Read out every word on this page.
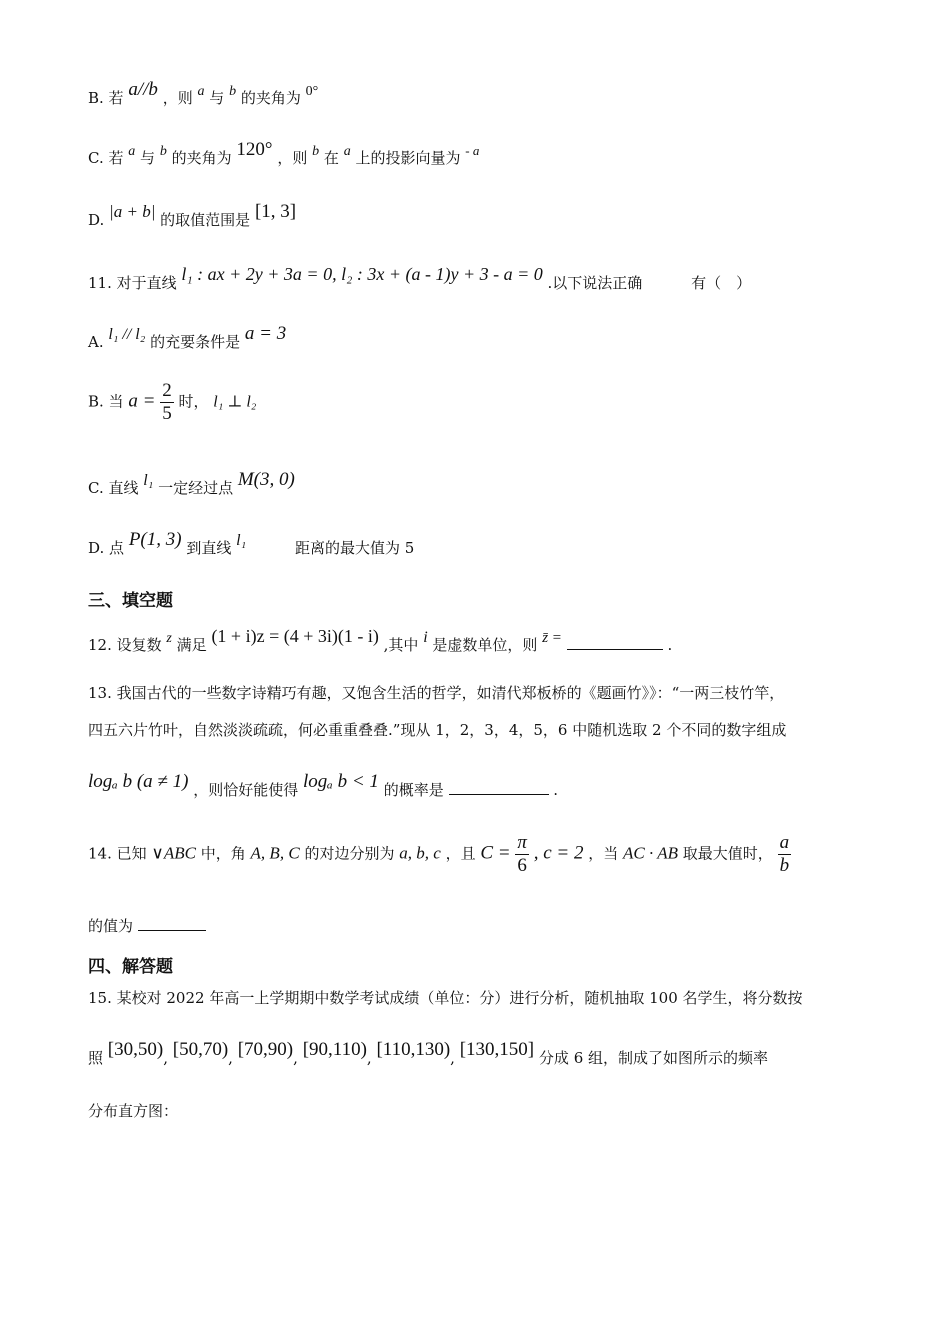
B. 若 a//b ，则 a 与 b 的夹角为 0°
C. 若 a 与 b 的夹角为 120° ，则 b 在 a 上的投影向量为 - a
D. |a + b| 的取值范围是 [1, 3]
11. 对于直线 l₁ : ax + 2y + 3a = 0, l₂ : 3x + (a - 1)y + 3 - a = 0 .以下说法正确	有（　）
A. l₁ // l₂ 的充要条件是 a = 3
B. 当 $a = \frac{2}{5}$ 时， l₁ ⊥ l₂
C. 直线 l₁ 一定经过点 M(3, 0)
D. 点 P(1, 3) 到直线 l₁	距离的最大值为 5
三、填空题
12. 设复数 z 满足 (1 + i)z = (4 + 3i)(1 - i) ,其中 i 是虚数单位，则 z̄ =	.
13. 我国古代的一些数字诗精巧有趣，又饱含生活的哲学，如清代郑板桥的《题画竹》》：“一两三枝竹竿，
四五六片竹叶，自然淡淡疏疏，何必重重叠叠.”现从 1，2，3，4，5，6 中随机选取 2 个不同的数字组成
logₐ b (a ≠ 1) ，则恰好能使得 logₐ b < 1 的概率是	.
14. 已知 ∨ABC 中，角 A, B, C 的对边分别为 a, b, c ，且 $C = \frac{\pi}{6}$ , c = 2 ，当 AC · AB 取最大值时， $\frac{a}{b}$
的值为
四、解答题
15. 某校对 2022 年高一上学期期中数学考试成绩（单位：分）进行分析，随机抽取 100 名学生，将分数按
照 [30,50), [50,70), [70,90), [90,110), [110,130), [130,150] 分成 6 组，制成了如图所示的频率
分布直方图：
